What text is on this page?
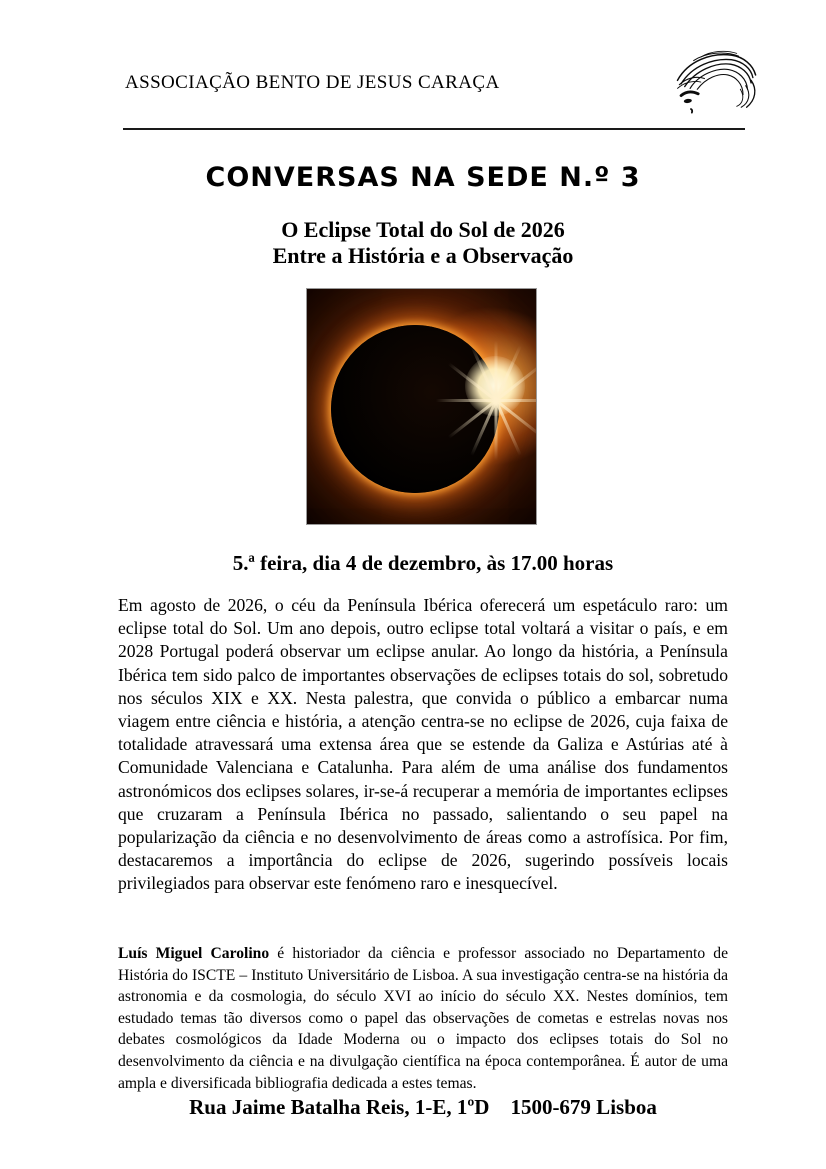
ASSOCIAÇÃO BENTO DE JESUS CARAÇA
CONVERSAS NA SEDE N.º 3
O Eclipse Total do Sol de 2026
Entre a História e a Observação

5.ª feira, dia 4 de dezembro, às 17.00 horas

Em agosto de 2026, o céu da Península Ibérica oferecerá um espetáculo raro: um eclipse total do Sol. Um ano depois, outro eclipse total voltará a visitar o país, e em 2028 Portugal poderá observar um eclipse anular. Ao longo da história, a Península Ibérica tem sido palco de importantes observações de eclipses totais do sol, sobretudo nos séculos XIX e XX. Nesta palestra, que convida o público a embarcar numa viagem entre ciência e história, a atenção centra-se no eclipse de 2026, cuja faixa de totalidade atravessará uma extensa área que se estende da Galiza e Astúrias até à Comunidade Valenciana e Catalunha. Para além de uma análise dos fundamentos astronómicos dos eclipses solares, ir-se-á recuperar a memória de importantes eclipses que cruzaram a Península Ibérica no passado, salientando o seu papel na popularização da ciência e no desenvolvimento de áreas como a astrofísica. Por fim, destacaremos a importância do eclipse de 2026, sugerindo possíveis locais privilegiados para observar este fenómeno raro e inesquecível.

Luís Miguel Carolino é historiador da ciência e professor associado no Departamento de História do ISCTE – Instituto Universitário de Lisboa. A sua investigação centra-se na história da astronomia e da cosmologia, do século XVI ao início do século XX. Nestes domínios, tem estudado temas tão diversos como o papel das observações de cometas e estrelas novas nos debates cosmológicos da Idade Moderna ou o impacto dos eclipses totais do Sol no desenvolvimento da ciência e na divulgação científica na época contemporânea. É autor de uma ampla e diversificada bibliografia dedicada a estes temas.

Rua Jaime Batalha Reis, 1-E, 1ºD    1500-679 Lisboa
